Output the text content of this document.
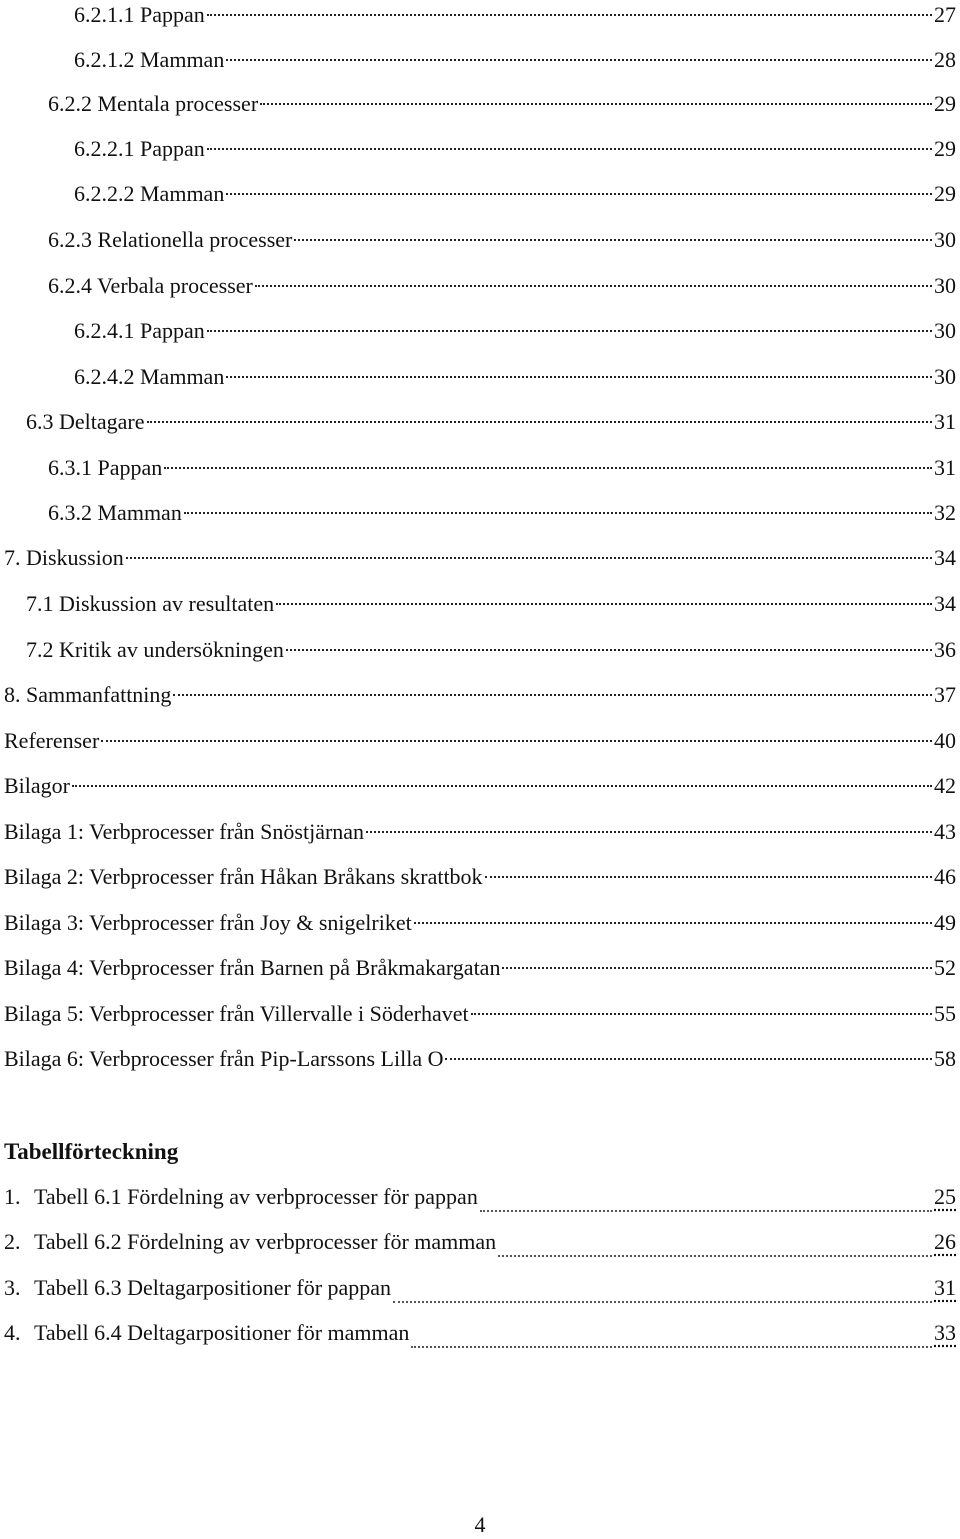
6.2.1.1 Pappan	27
6.2.1.2 Mamman	28
6.2.2 Mentala processer	29
6.2.2.1 Pappan	29
6.2.2.2 Mamman	29
6.2.3 Relationella processer	30
6.2.4 Verbala processer	30
6.2.4.1 Pappan	30
6.2.4.2 Mamman	30
6.3 Deltagare	31
6.3.1 Pappan	31
6.3.2 Mamman	32
7. Diskussion	34
7.1 Diskussion av resultaten	34
7.2 Kritik av undersökningen	36
8. Sammanfattning	37
Referenser	40
Bilagor	42
Bilaga 1: Verbprocesser från Snöstjärnan	43
Bilaga 2: Verbprocesser från Håkan Bråkans skrattbok	46
Bilaga 3: Verbprocesser från Joy & snigelriket	49
Bilaga 4: Verbprocesser från Barnen på Bråkmakargatan	52
Bilaga 5: Verbprocesser från Villervalle i Söderhavet	55
Bilaga 6: Verbprocesser från Pip-Larssons Lilla O	58
Tabellförteckning
1. Tabell 6.1 Fördelning av verbprocesser för pappan	25
2. Tabell 6.2 Fördelning av verbprocesser för mamman	26
3. Tabell 6.3 Deltagarpositioner för pappan	31
4. Tabell 6.4 Deltagarpositioner för mamman	33
4
